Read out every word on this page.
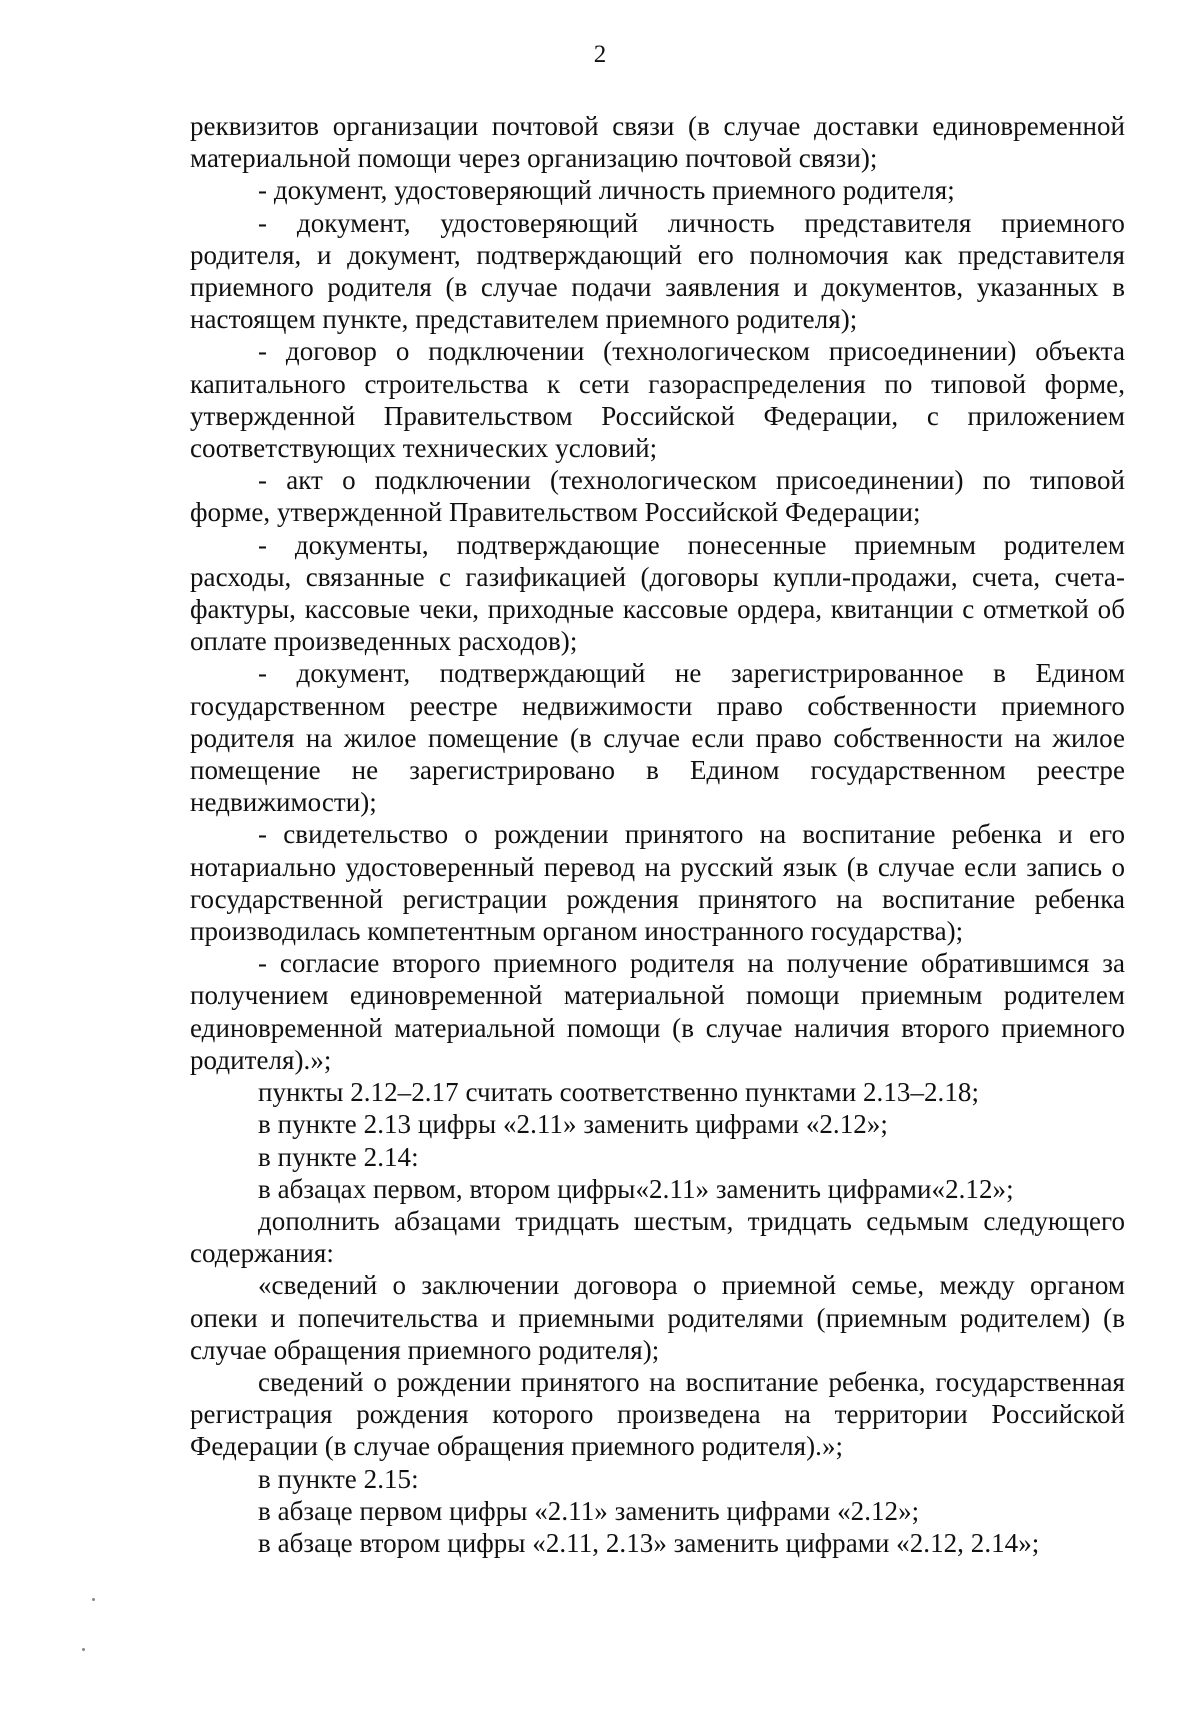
2

реквизитов организации почтовой связи (в случае доставки единовременной материальной помощи через организацию почтовой связи);

- документ, удостоверяющий личность приемного родителя;

- документ, удостоверяющий личность представителя приемного родителя, и документ, подтверждающий его полномочия как представителя приемного родителя (в случае подачи заявления и документов, указанных в настоящем пункте, представителем приемного родителя);

- договор о подключении (технологическом присоединении) объекта капитального строительства к сети газораспределения по типовой форме, утвержденной Правительством Российской Федерации, с приложением соответствующих технических условий;

- акт о подключении (технологическом присоединении) по типовой форме, утвержденной Правительством Российской Федерации;

- документы, подтверждающие понесенные приемным родителем расходы, связанные с газификацией (договоры купли-продажи, счета, счета-фактуры, кассовые чеки, приходные кассовые ордера, квитанции с отметкой об оплате произведенных расходов);

- документ, подтверждающий не зарегистрированное в Едином государственном реестре недвижимости право собственности приемного родителя на жилое помещение (в случае если право собственности на жилое помещение не зарегистрировано в Едином государственном реестре недвижимости);

- свидетельство о рождении принятого на воспитание ребенка и его нотариально удостоверенный перевод на русский язык (в случае если запись о государственной регистрации рождения принятого на воспитание ребенка производилась компетентным органом иностранного государства);

- согласие второго приемного родителя на получение обратившимся за получением единовременной материальной помощи приемным родителем единовременной материальной помощи (в случае наличия второго приемного родителя).»;

пункты 2.12–2.17 считать соответственно пунктами 2.13–2.18;

в пункте 2.13 цифры «2.11» заменить цифрами «2.12»;

в пункте 2.14:

в абзацах первом, втором цифры«2.11» заменить цифрами«2.12»;

дополнить абзацами тридцать шестым, тридцать седьмым следующего содержания:

«сведений о заключении договора о приемной семье, между органом опеки и попечительства и приемными родителями (приемным родителем) (в случае обращения приемного родителя);

сведений о рождении принятого на воспитание ребенка, государственная регистрация рождения которого произведена на территории Российской Федерации (в случае обращения приемного родителя).»;

в пункте 2.15:

в абзаце первом цифры «2.11» заменить цифрами «2.12»;

в абзаце втором цифры «2.11, 2.13» заменить цифрами «2.12, 2.14»;
